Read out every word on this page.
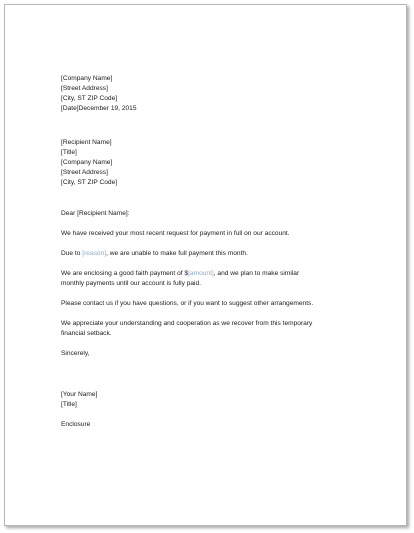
[Company Name]
[Street Address]
[City, ST ZIP Code]
[Date]December 19, 2015
[Recipient Name]
[Title]
[Company Name]
[Street Address]
[City, ST ZIP Code]
Dear [Recipient Name]:
We have received your most recent request for payment in full on our account.
Due to [reason], we are unable to make full payment this month.
We are enclosing a good faith payment of $[amount], and we plan to make similar
monthly payments until our account is fully paid.
Please contact us if you have questions, or if you want to suggest other arrangements.
We appreciate your understanding and cooperation as we recover from this temporary
financial setback.
Sincerely,
[Your Name]
[Title]
Enclosure
